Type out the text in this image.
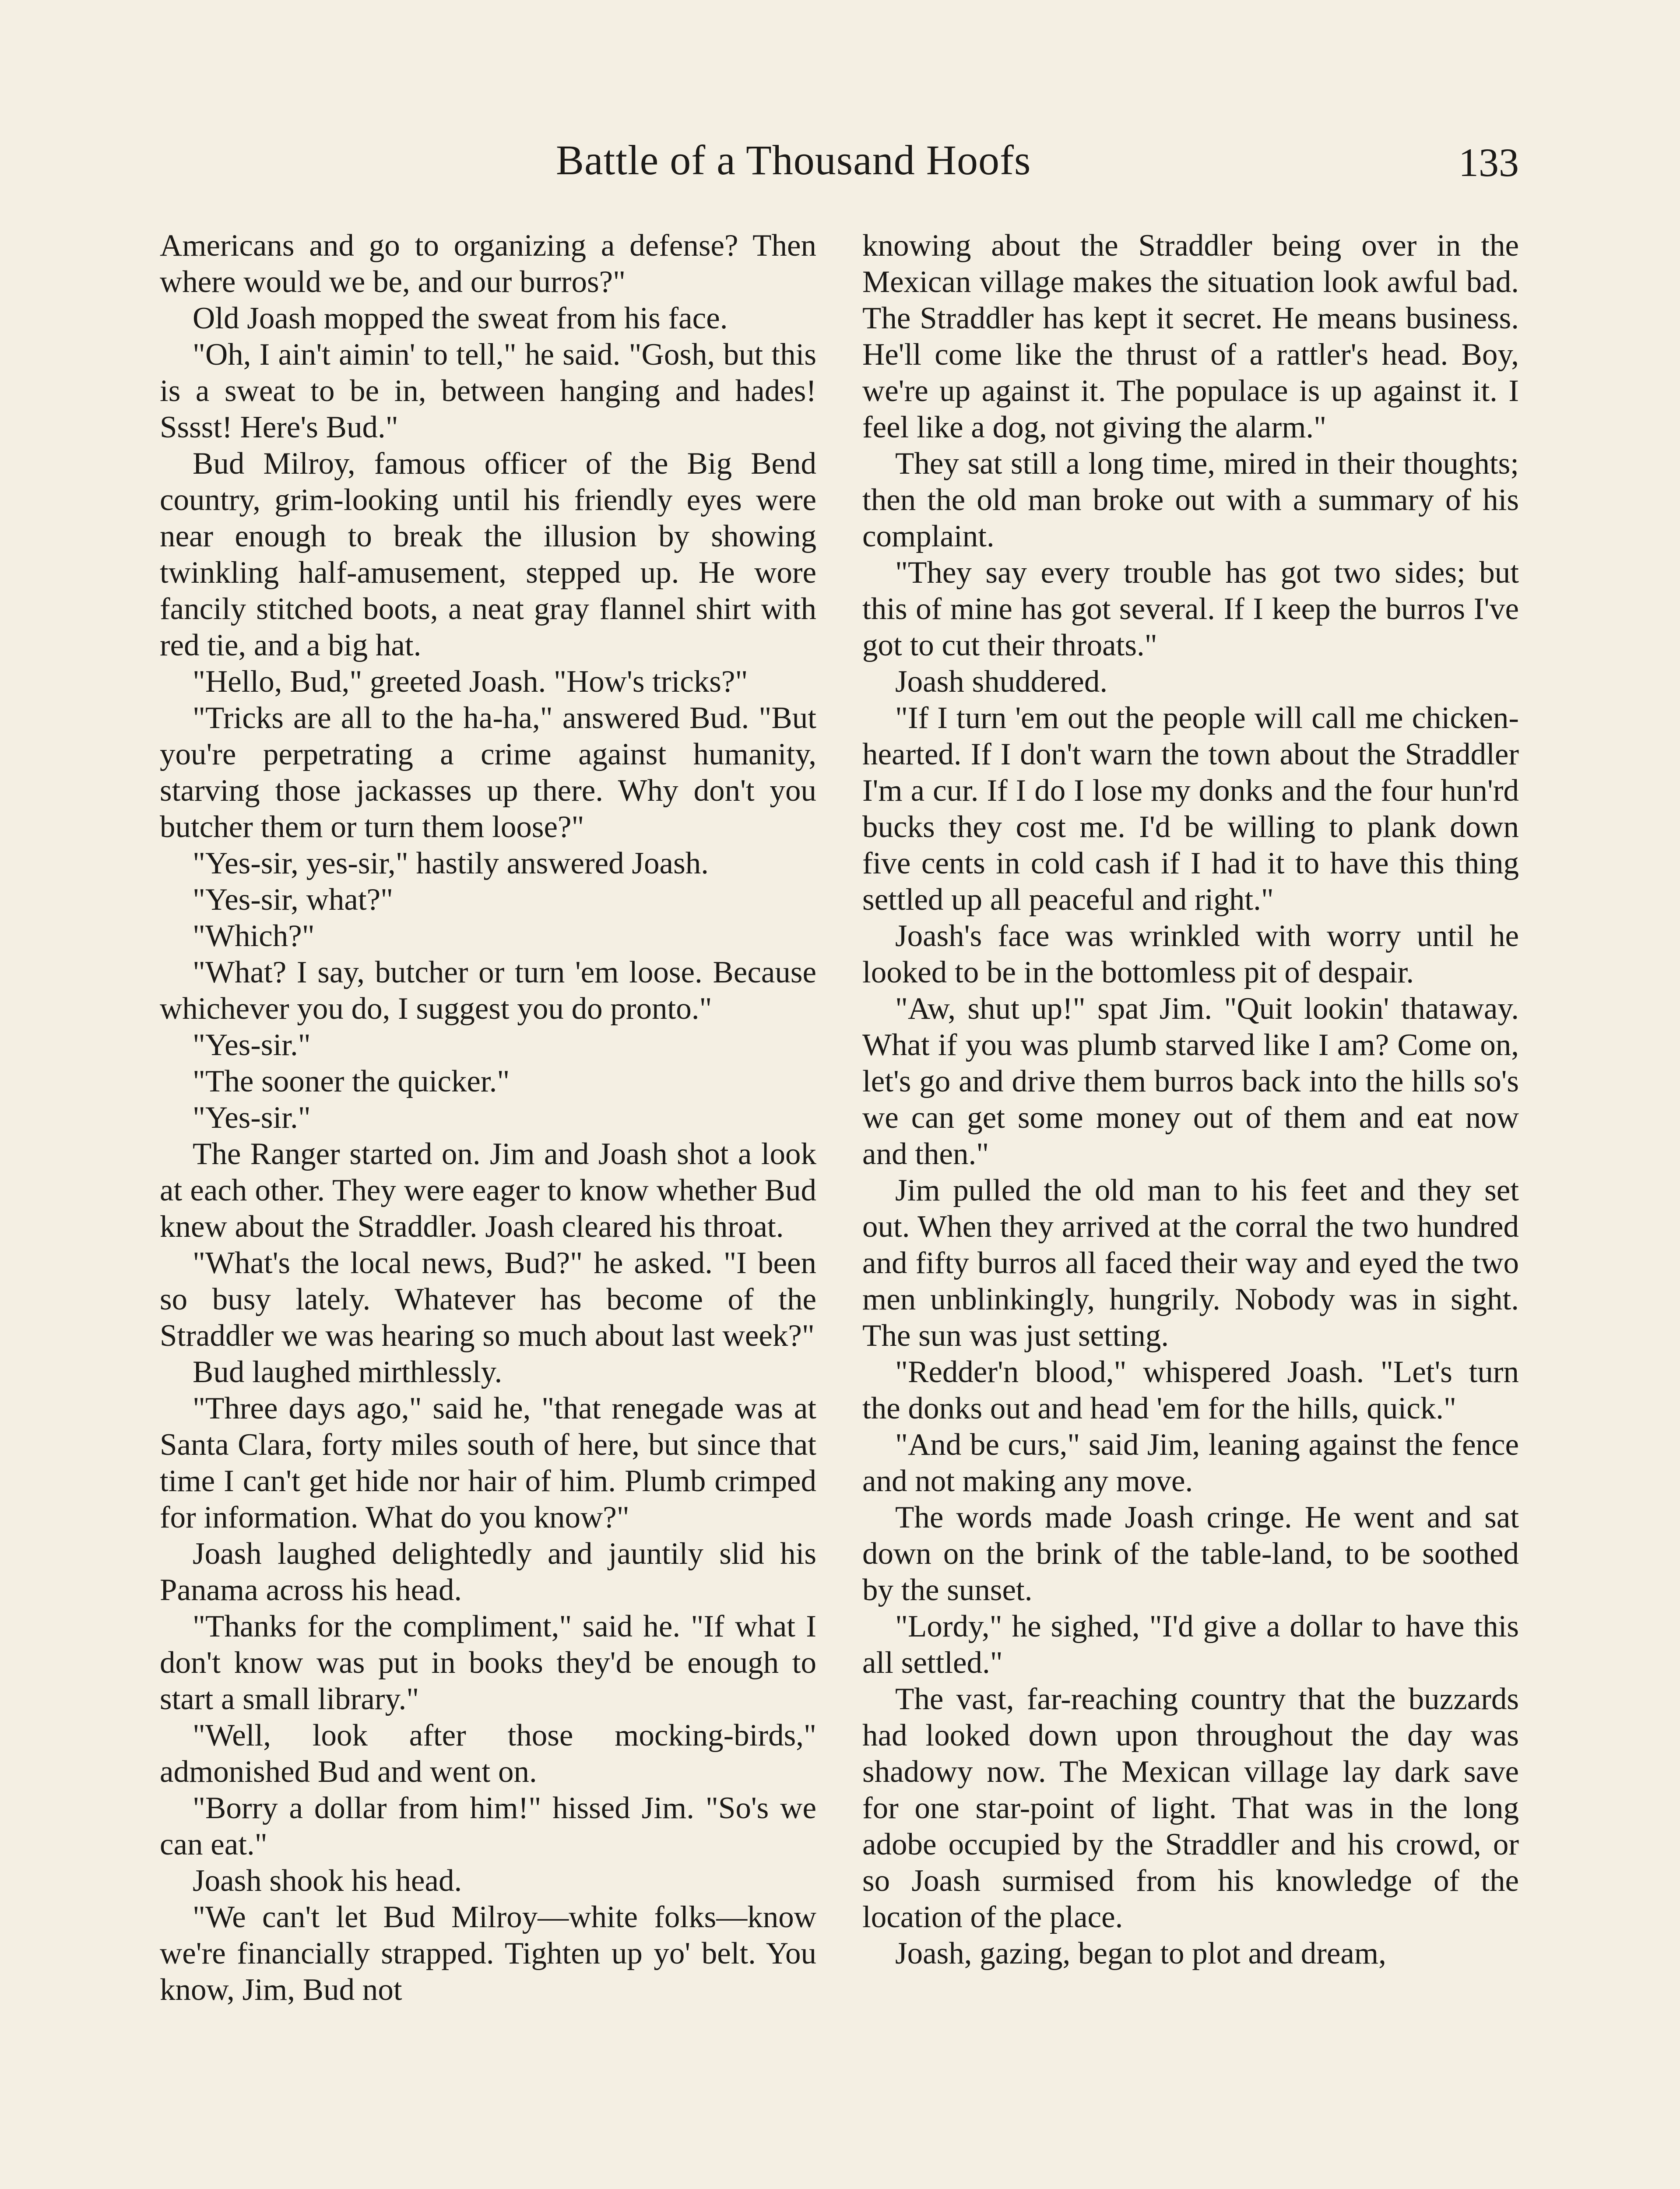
Battle of a Thousand Hoofs	133

Americans and go to organizing a defense? Then where would we be, and our burros?"

Old Joash mopped the sweat from his face.

"Oh, I ain't aimin' to tell," he said. "Gosh, but this is a sweat to be in, between hanging and hades! Sssst! Here's Bud."

Bud Milroy, famous officer of the Big Bend country, grim-looking until his friendly eyes were near enough to break the illusion by showing twinkling half-amusement, stepped up. He wore fancily stitched boots, a neat gray flannel shirt with red tie, and a big hat.

"Hello, Bud," greeted Joash. "How's tricks?"

"Tricks are all to the ha-ha," answered Bud. "But you're perpetrating a crime against humanity, starving those jackasses up there. Why don't you butcher them or turn them loose?"

"Yes-sir, yes-sir," hastily answered Joash.

"Yes-sir, what?"

"Which?"

"What? I say, butcher or turn 'em loose. Because whichever you do, I suggest you do pronto."

"Yes-sir."

"The sooner the quicker."

"Yes-sir."

The Ranger started on. Jim and Joash shot a look at each other. They were eager to know whether Bud knew about the Straddler. Joash cleared his throat.

"What's the local news, Bud?" he asked. "I been so busy lately. Whatever has become of the Straddler we was hearing so much about last week?"

Bud laughed mirthlessly.

"Three days ago," said he, "that renegade was at Santa Clara, forty miles south of here, but since that time I can't get hide nor hair of him. Plumb crimped for information. What do you know?"

Joash laughed delightedly and jauntily slid his Panama across his head.

"Thanks for the compliment," said he. "If what I don't know was put in books they'd be enough to start a small library."

"Well, look after those mocking-birds," admonished Bud and went on.

"Borry a dollar from him!" hissed Jim. "So's we can eat."

Joash shook his head.

"We can't let Bud Milroy—white folks—know we're financially strapped. Tighten up yo' belt. You know, Jim, Bud not

knowing about the Straddler being over in the Mexican village makes the situation look awful bad. The Straddler has kept it secret. He means business. He'll come like the thrust of a rattler's head. Boy, we're up against it. The populace is up against it. I feel like a dog, not giving the alarm."

They sat still a long time, mired in their thoughts; then the old man broke out with a summary of his complaint.

"They say every trouble has got two sides; but this of mine has got several. If I keep the burros I've got to cut their throats."

Joash shuddered.

"If I turn 'em out the people will call me chicken-hearted. If I don't warn the town about the Straddler I'm a cur. If I do I lose my donks and the four hun'rd bucks they cost me. I'd be willing to plank down five cents in cold cash if I had it to have this thing settled up all peaceful and right."

Joash's face was wrinkled with worry until he looked to be in the bottomless pit of despair.

"Aw, shut up!" spat Jim. "Quit lookin' thataway. What if you was plumb starved like I am? Come on, let's go and drive them burros back into the hills so's we can get some money out of them and eat now and then."

Jim pulled the old man to his feet and they set out. When they arrived at the corral the two hundred and fifty burros all faced their way and eyed the two men unblinkingly, hungrily. Nobody was in sight. The sun was just setting.

"Redder'n blood," whispered Joash. "Let's turn the donks out and head 'em for the hills, quick."

"And be curs," said Jim, leaning against the fence and not making any move.

The words made Joash cringe. He went and sat down on the brink of the table-land, to be soothed by the sunset.

"Lordy," he sighed, "I'd give a dollar to have this all settled."

The vast, far-reaching country that the buzzards had looked down upon throughout the day was shadowy now. The Mexican village lay dark save for one star-point of light. That was in the long adobe occupied by the Straddler and his crowd, or so Joash surmised from his knowledge of the location of the place.

Joash, gazing, began to plot and dream,
